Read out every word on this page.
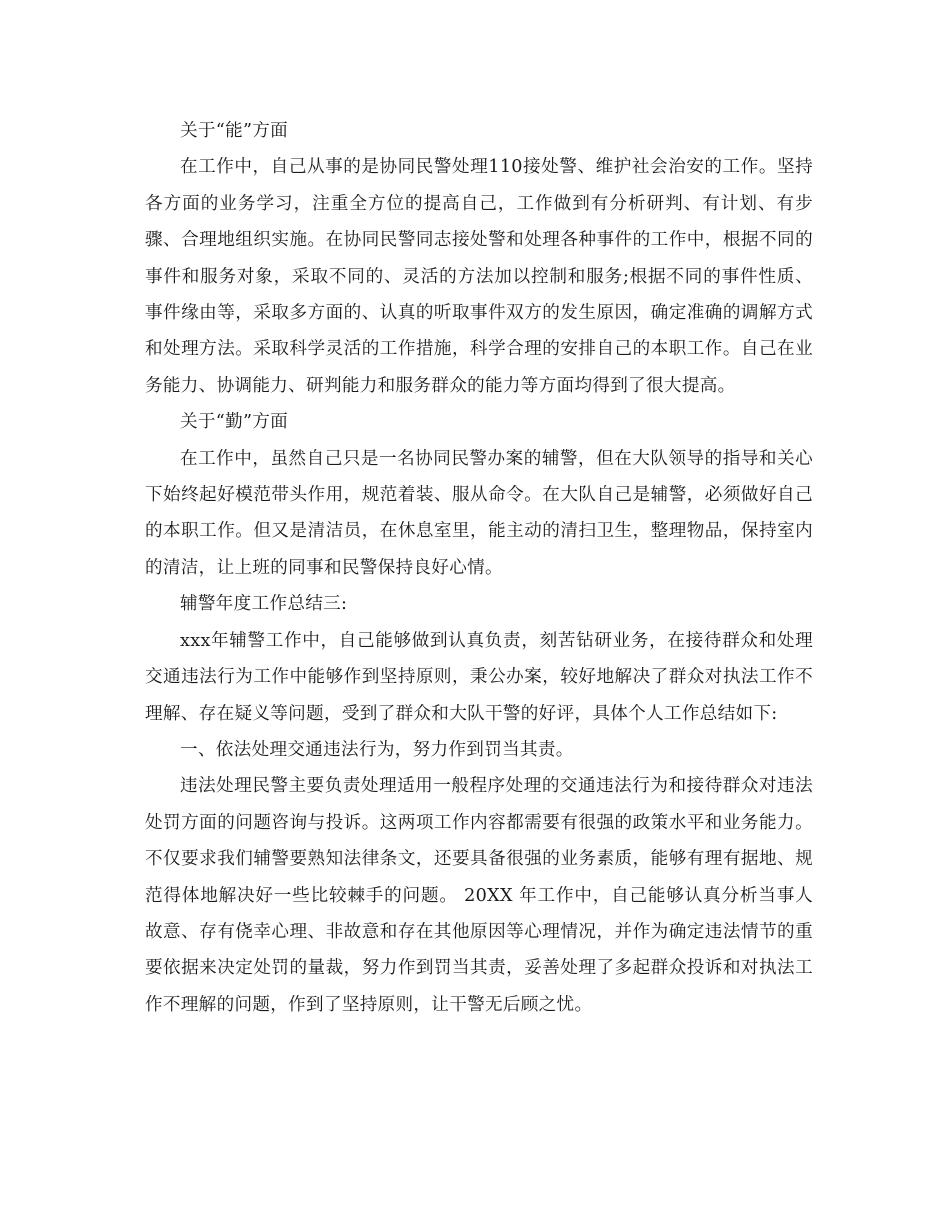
关于“能”方面

在工作中，自己从事的是协同民警处理110接处警、维护社会治安的工作。坚持各方面的业务学习，注重全方位的提高自己，工作做到有分析研判、有计划、有步骤、合理地组织实施。在协同民警同志接处警和处理各种事件的工作中，根据不同的事件和服务对象，采取不同的、灵活的方法加以控制和服务;根据不同的事件性质、事件缘由等，采取多方面的、认真的听取事件双方的发生原因，确定准确的调解方式和处理方法。采取科学灵活的工作措施，科学合理的安排自己的本职工作。自己在业务能力、协调能力、研判能力和服务群众的能力等方面均得到了很大提高。

关于“勤”方面

在工作中，虽然自己只是一名协同民警办案的辅警，但在大队领导的指导和关心下始终起好模范带头作用，规范着装、服从命令。在大队自己是辅警，必须做好自己的本职工作。但又是清洁员，在休息室里，能主动的清扫卫生，整理物品，保持室内的清洁，让上班的同事和民警保持良好心情。

辅警年度工作总结三:

xxx年辅警工作中，自己能够做到认真负责，刻苦钻研业务，在接待群众和处理交通违法行为工作中能够作到坚持原则，秉公办案，较好地解决了群众对执法工作不理解、存在疑义等问题，受到了群众和大队干警的好评，具体个人工作总结如下:

一、依法处理交通违法行为，努力作到罚当其责。

违法处理民警主要负责处理适用一般程序处理的交通违法行为和接待群众对违法处罚方面的问题咨询与投诉。这两项工作内容都需要有很强的政策水平和业务能力。不仅要求我们辅警要熟知法律条文，还要具备很强的业务素质，能够有理有据地、规范得体地解决好一些比较棘手的问题。 20XX 年工作中，自己能够认真分析当事人故意、存有侥幸心理、非故意和存在其他原因等心理情况，并作为确定违法情节的重要依据来决定处罚的量裁，努力作到罚当其责，妥善处理了多起群众投诉和对执法工作不理解的问题，作到了坚持原则，让干警无后顾之忧。
